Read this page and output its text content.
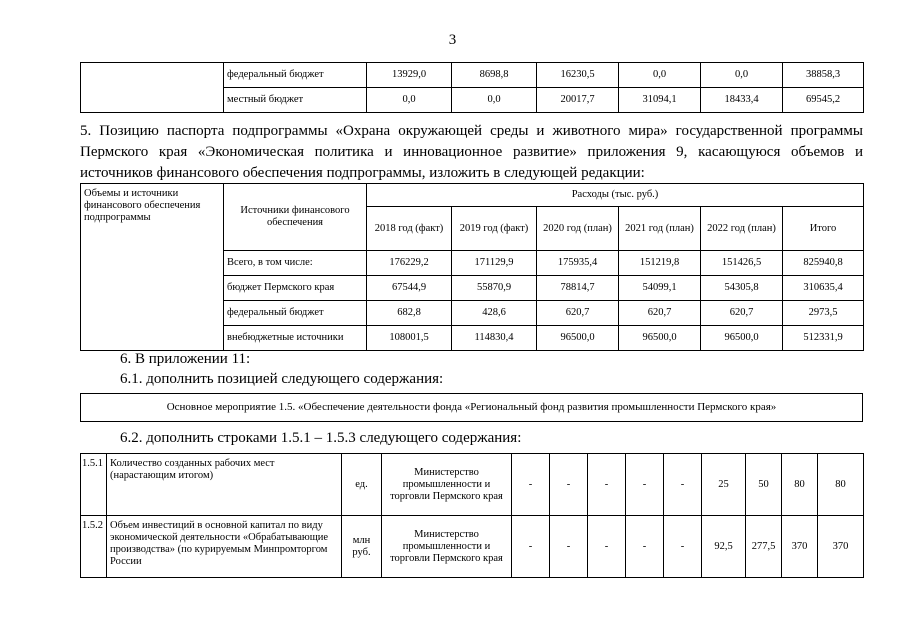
3
	федеральный бюджет	13929,0	8698,8	16230,5	0,0	0,0	38858,3
	местный бюджет	0,0	0,0	20017,7	31094,1	18433,4	69545,2
5. Позицию паспорта подпрограммы «Охрана окружающей среды и животного мира» государственной программы Пермского края «Экономическая политика и инновационное развитие» приложения 9, касающуюся объемов и источников финансового обеспечения подпрограммы, изложить в следующей редакции:
Объемы и источники финансового обеспечения подпрограммы	Источники финансового обеспечения	Расходы (тыс. руб.)					
		2018 год (факт)	2019 год (факт)	2020 год (план)	2021 год (план)	2022 год (план)	Итого
	Всего, в том числе:	176229,2	171129,9	175935,4	151219,8	151426,5	825940,8
	бюджет Пермского края	67544,9	55870,9	78814,7	54099,1	54305,8	310635,4
	федеральный бюджет	682,8	428,6	620,7	620,7	620,7	2973,5
	внебюджетные источники	108001,5	114830,4	96500,0	96500,0	96500,0	512331,9
6. В приложении 11:
6.1. дополнить позицией следующего содержания:
Основное мероприятие 1.5. «Обеспечение деятельности фонда «Региональный фонд развития промышленности Пермского края»
6.2. дополнить строками 1.5.1 – 1.5.3 следующего содержания:
1.5.1	Количество созданных рабочих мест (нарастающим итогом)	ед.	Министерство промышленности и торговли Пермского края	-	-	-	-	-	25	50	80	80
1.5.2	Объем инвестиций в основной капитал по виду экономической деятельности «Обрабатывающие производства» (по курируемым Минпромторгом России	млн руб.	Министерство промышленности и торговли Пермского края	-	-	-	-	-	92,5	277,5	370	370
